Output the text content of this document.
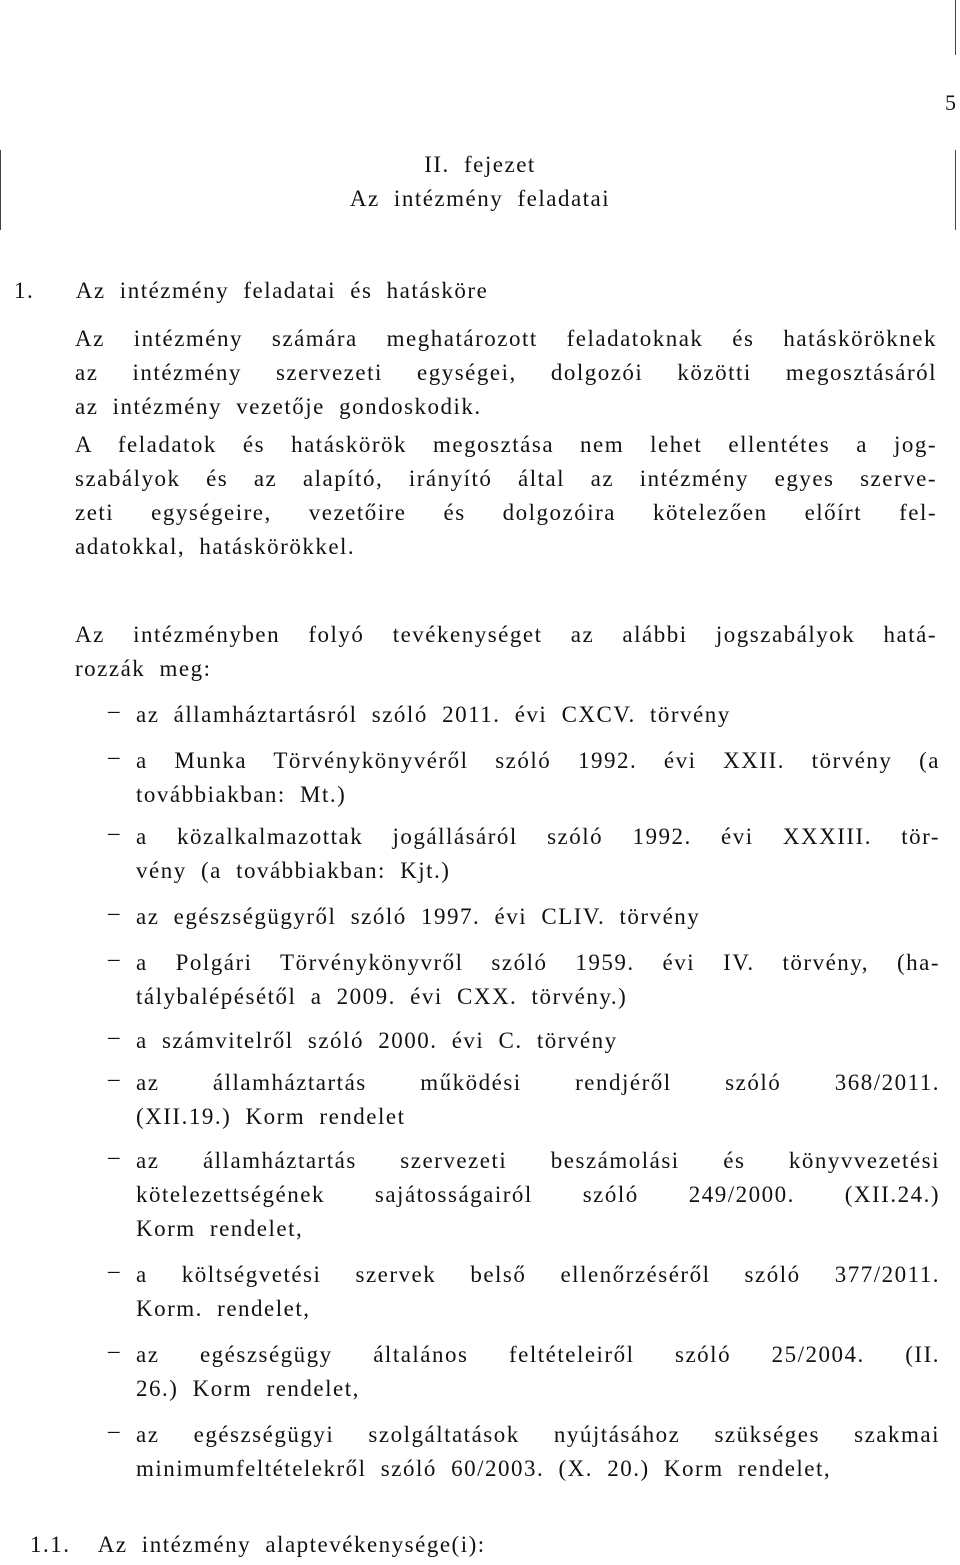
5
II. fejezet
Az intézmény feladatai
1.   Az intézmény feladatai és hatásköre
Az intézmény számára meghatározott feladatoknak és hatásköröknek
az intézmény szervezeti egységei, dolgozói közötti megosztásáról
az intézmény vezetője gondoskodik.
A feladatok és hatáskörök megosztása nem lehet ellentétes a jog-
szabályok és az alapító, irányító által az intézmény egyes szerve-
zeti egységeire, vezetőire és dolgozóira kötelezően előírt fel-
adatokkal, hatáskörökkel.
Az intézményben folyó tevékenységet az alábbi jogszabályok hatá-
rozzák meg:
– az államháztartásról szóló 2011. évi CXCV. törvény
– a Munka Törvénykönyvéről szóló 1992. évi XXII. törvény (a
továbbiakban: Mt.)
– a közalkalmazottak jogállásáról szóló 1992. évi XXXIII. tör-
vény (a továbbiakban: Kjt.)
– az egészségügyről szóló 1997. évi CLIV. törvény
– a Polgári Törvénykönyvről szóló 1959. évi IV. törvény, (ha-
tálybalépésétől a 2009. évi CXX. törvény.)
– a számvitelről szóló 2000. évi C. törvény
– az államháztartás működési rendjéről szóló 368/2011.
(XII.19.) Korm rendelet
– az államháztartás szervezeti beszámolási és könyvvezetési
kötelezettségének sajátosságairól szóló 249/2000. (XII.24.)
Korm rendelet,
– a költségvetési szervek belső ellenőrzéséről szóló 377/2011.
Korm. rendelet,
– az egészségügy általános feltételeiről szóló 25/2004. (II.
26.) Korm rendelet,
– az egészségügyi szolgáltatások nyújtásához szükséges szakmai
minimumfeltételekről szóló 60/2003. (X. 20.) Korm rendelet,
1.1.  Az intézmény alaptevékenysége(i):
